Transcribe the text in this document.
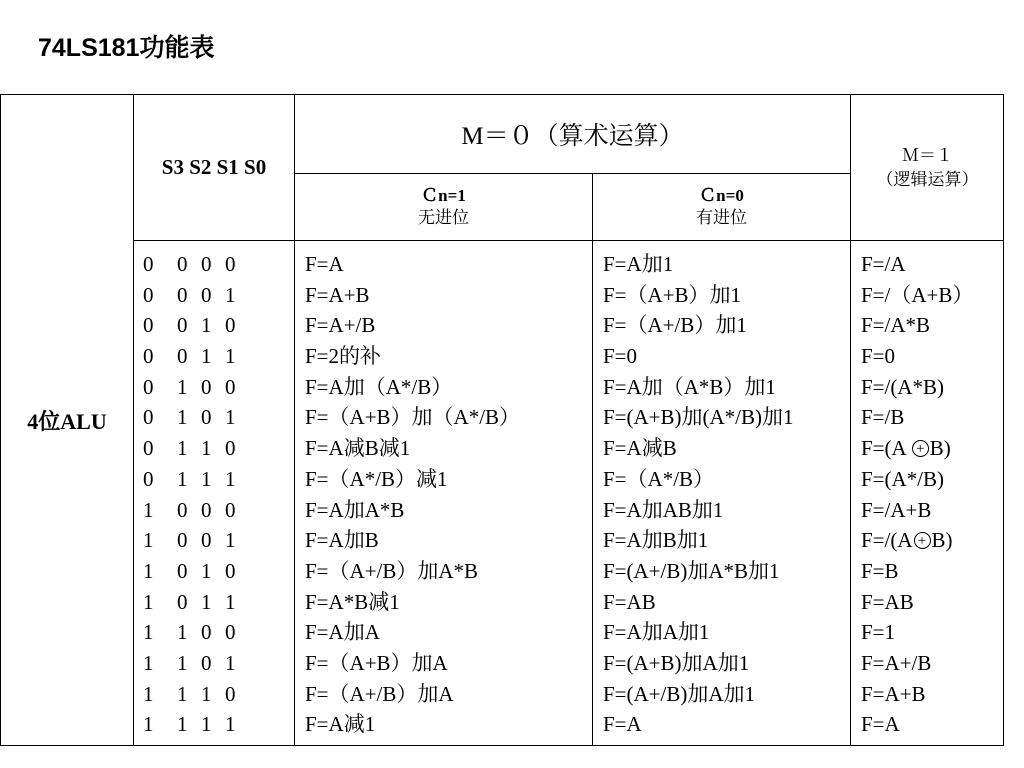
74LS181功能表
4位ALU
S3 S2 S1 S0
M＝０（算术运算）
Ｃn=1
无进位
Ｃn=0
有进位
Ｍ＝１
（逻辑运算）
0 0 0 0
0 0 0 1
0 0 1 0
0 0 1 1
0 1 0 0
0 1 0 1
0 1 1 0
0 1 1 1
1 0 0 0
1 0 0 1
1 0 1 0
1 0 1 1
1 1 0 0
1 1 0 1
1 1 1 0
1 1 1 1
F=A
F=A+B
F=A+/B
F=2的补
F=A加（A*/B）
F=（A+B）加（A*/B）
F=A减B减1
F=（A*/B）减1
F=A加A*B
F=A加B
F=（A+/B）加A*B
F=A*B减1
F=A加A
F=（A+B）加A
F=（A+/B）加A
F=A减1
F=A加1
F=（A+B）加1
F=（A+/B）加1
F=0
F=A加（A*B）加1
F=(A+B)加(A*/B)加1
F=A减B
F=（A*/B）
F=A加AB加1
F=A加B加1
F=(A+/B)加A*B加1
F=AB
F=A加A加1
F=(A+B)加A加1
F=(A+/B)加A加1
F=A
F=/A
F=/（A+B）
F=/A*B
F=0
F=/(A*B)
F=/B
F=(A + B)
F=(A*/B)
F=/A+B
F=/(A + B)
F=B
F=AB
F=1
F=A+/B
F=A+B
F=A
